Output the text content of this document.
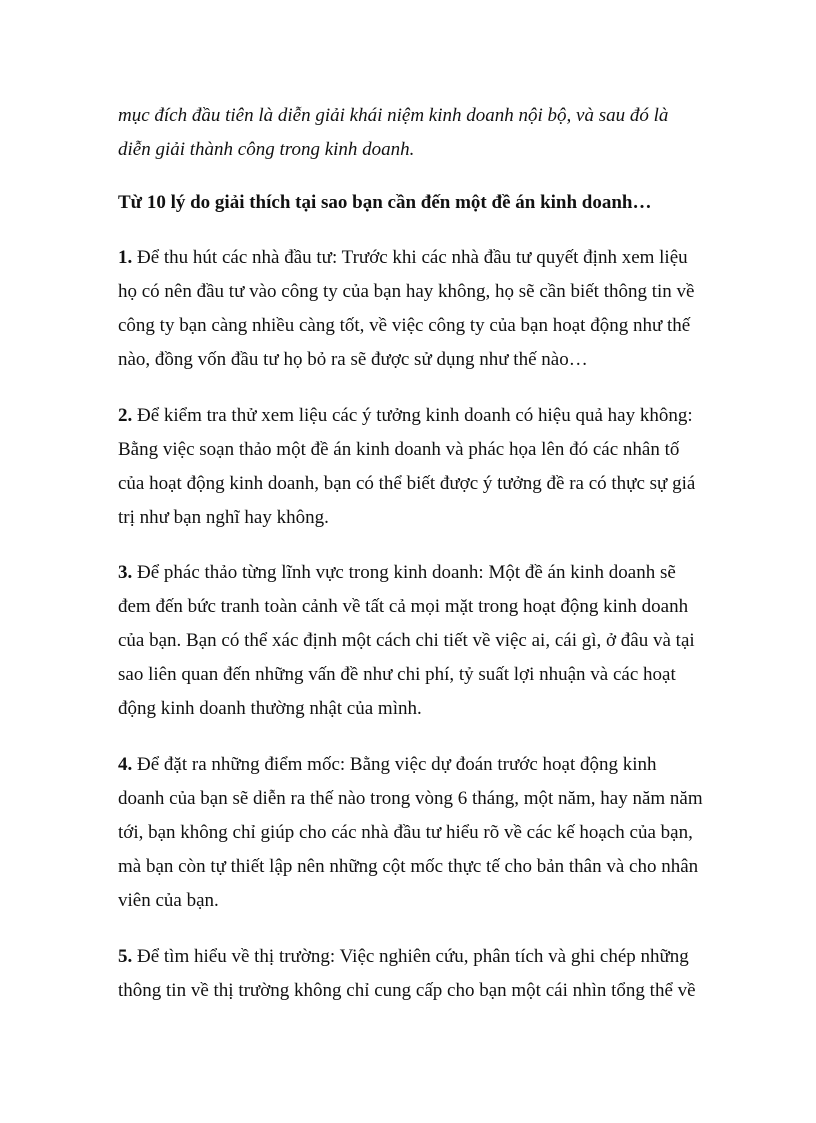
mục đích đầu tiên là diễn giải khái niệm kinh doanh nội bộ, và sau đó là
diễn giải thành công trong kinh doanh.
Từ 10 lý do giải thích tại sao bạn cần đến một đề án kinh doanh…
1. Để thu hút các nhà đầu tư: Trước khi các nhà đầu tư quyết định xem liệu
họ có nên đầu tư vào công ty của bạn hay không, họ sẽ cần biết thông tin về
công ty bạn càng nhiều càng tốt, về việc công ty của bạn hoạt động như thế
nào, đồng vốn đầu tư họ bỏ ra sẽ được sử dụng như thế nào…
2. Để kiểm tra thử xem liệu các ý tưởng kinh doanh có hiệu quả hay không:
Bằng việc soạn thảo một đề án kinh doanh và phác họa lên đó các nhân tố
của hoạt động kinh doanh, bạn có thể biết được ý tưởng đề ra có thực sự giá
trị như bạn nghĩ hay không.
3. Để phác thảo từng lĩnh vực trong kinh doanh: Một đề án kinh doanh sẽ
đem đến bức tranh toàn cảnh về tất cả mọi mặt trong hoạt động kinh doanh
của bạn. Bạn có thể xác định một cách chi tiết về việc ai, cái gì, ở đâu và tại
sao liên quan đến những vấn đề như chi phí, tỷ suất lợi nhuận và các hoạt
động kinh doanh thường nhật của mình.
4. Để đặt ra những điểm mốc: Bằng việc dự đoán trước hoạt động kinh
doanh của bạn sẽ diễn ra thế nào trong vòng 6 tháng, một năm, hay năm năm
tới, bạn không chỉ giúp cho các nhà đầu tư hiểu rõ về các kế hoạch của bạn,
mà bạn còn tự thiết lập nên những cột mốc thực tế cho bản thân và cho nhân
viên của bạn.
5. Để tìm hiểu về thị trường: Việc nghiên cứu, phân tích và ghi chép những
thông tin về thị trường không chỉ cung cấp cho bạn một cái nhìn tổng thể về
